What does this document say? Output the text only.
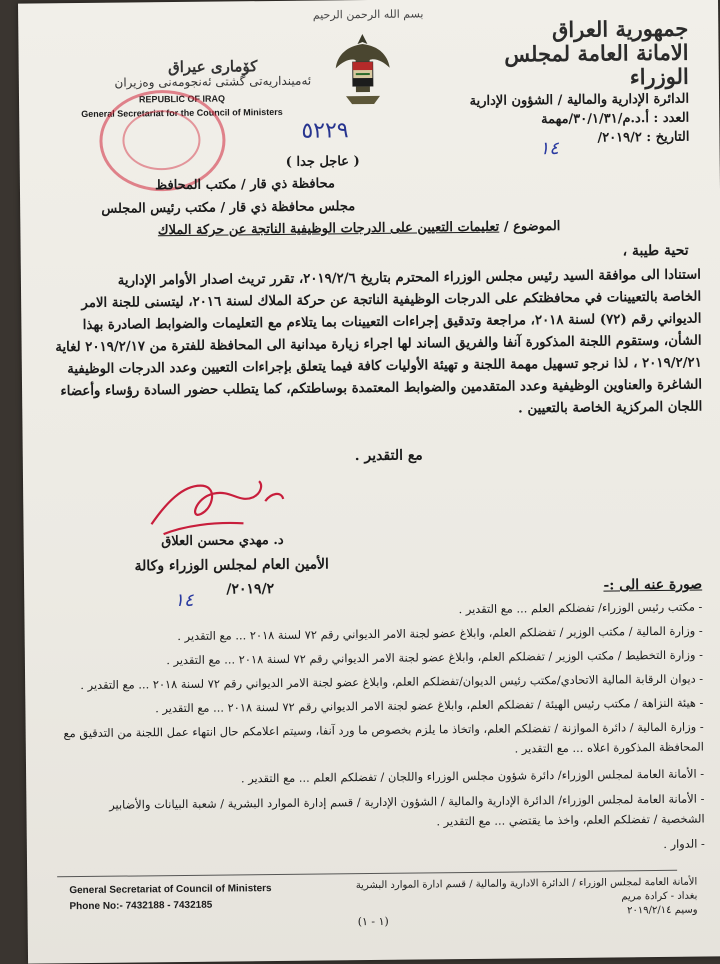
بسم الله الرحمن الرحيم
جمهورية العراق
الامانة العامة لمجلس الوزراء
كۆماری عیراق
ئەمینداریەتی گشتی ئەنجومەنی وەزیران
REPUBLIC OF IRAQ
General Secretariat for the Council of Ministers
الدائرة الإدارية والمالية / الشؤون الإدارية
العدد : أ.د.م/٣٠/١/٣١/مهمة
٥٢٢٩	التاريخ : ٢٠١٩/٢/
١٤
( عاجل جدا )
محافظة ذي قار / مكتب المحافظ
مجلس محافظة ذي قار / مكتب رئيس المجلس
الموضوع / تعليمات التعيين على الدرجات الوظيفية الناتجة عن حركة الملاك
تحية طيبة ،
استنادا الى موافقة السيد رئيس مجلس الوزراء المحترم بتاريخ ٢٠١٩/٢/٦، تقرر تريث اصدار الأوامر الإدارية
الخاصة بالتعيينات في محافظتكم على الدرجات الوظيفية الناتجة عن حركة الملاك لسنة ٢٠١٦، ليتسنى للجنة الامر
الديواني رقم (٧٢) لسنة ٢٠١٨، مراجعة وتدقيق إجراءات التعيينات بما يتلاءم مع التعليمات والضوابط الصادرة بهذا
الشأن، وستقوم اللجنة المذكورة آنفا والفريق الساند لها اجراء زيارة ميدانية الى المحافظة للفترة من ٢٠١٩/٢/١٧ لغاية
٢٠١٩/٢/٢١ ، لذا نرجو تسهيل مهمة اللجنة و تهيئة الأوليات كافة فيما يتعلق بإجراءات التعيين وعدد الدرجات الوظيفية
الشاغرة والعناوين الوظيفية وعدد المتقدمين والضوابط المعتمدة بوساطتكم، كما يتطلب حضور السادة رؤساء وأعضاء
اللجان المركزية الخاصة بالتعيين .
مع التقدير .
د. مهدي محسن العلاق
الأمين العام لمجلس الوزراء وكالة
٢٠١٩/٢/
١٤
صورة عنه الى :-
- مكتب رئيس الوزراء/ تفضلكم العلم ... مع التقدير .
- وزارة المالية / مكتب الوزير / تفضلكم العلم، وابلاغ عضو لجنة الامر الديواني رقم ٧٢ لسنة ٢٠١٨ ... مع التقدير .
- وزارة التخطيط / مكتب الوزير / تفضلكم العلم، وابلاغ عضو لجنة الامر الديواني رقم ٧٢ لسنة ٢٠١٨ ... مع التقدير .
- ديوان الرقابة المالية الاتحادي/مكتب رئيس الديوان/تفضلكم العلم، وابلاغ عضو لجنة الامر الديواني رقم ٧٢ لسنة ٢٠١٨ ... مع التقدير .
- هيئة النزاهة / مكتب رئيس الهيئة / تفضلكم العلم، وابلاغ عضو لجنة الامر الديواني رقم ٧٢ لسنة ٢٠١٨ ... مع التقدير .
- وزارة المالية / دائرة الموازنة / تفضلكم العلم، واتخاذ ما يلزم بخصوص ما ورد آنفا، وسيتم اعلامكم حال انتهاء عمل اللجنة من التدقيق مع
المحافظة المذكورة اعلاه ... مع التقدير .
- الأمانة العامة لمجلس الوزراء/ دائرة شؤون مجلس الوزراء واللجان / تفضلكم العلم ... مع التقدير .
- الأمانة العامة لمجلس الوزراء/ الدائرة الإدارية والمالية / الشؤون الإدارية / قسم إدارة الموارد البشرية / شعبة البيانات والأضابير
الشخصية / تفضلكم العلم، واخذ ما يقتضي ... مع التقدير .
- الدوار .
General Secretariat of Council of Ministers
Phone No:- 7432188 - 7432185
الأمانة العامة لمجلس الوزراء / الدائرة الادارية والمالية / قسم ادارة الموارد البشرية
بغداد - كرادة مريم
وسيم ٢٠١٩/٢/١٤
(١ - ١)
